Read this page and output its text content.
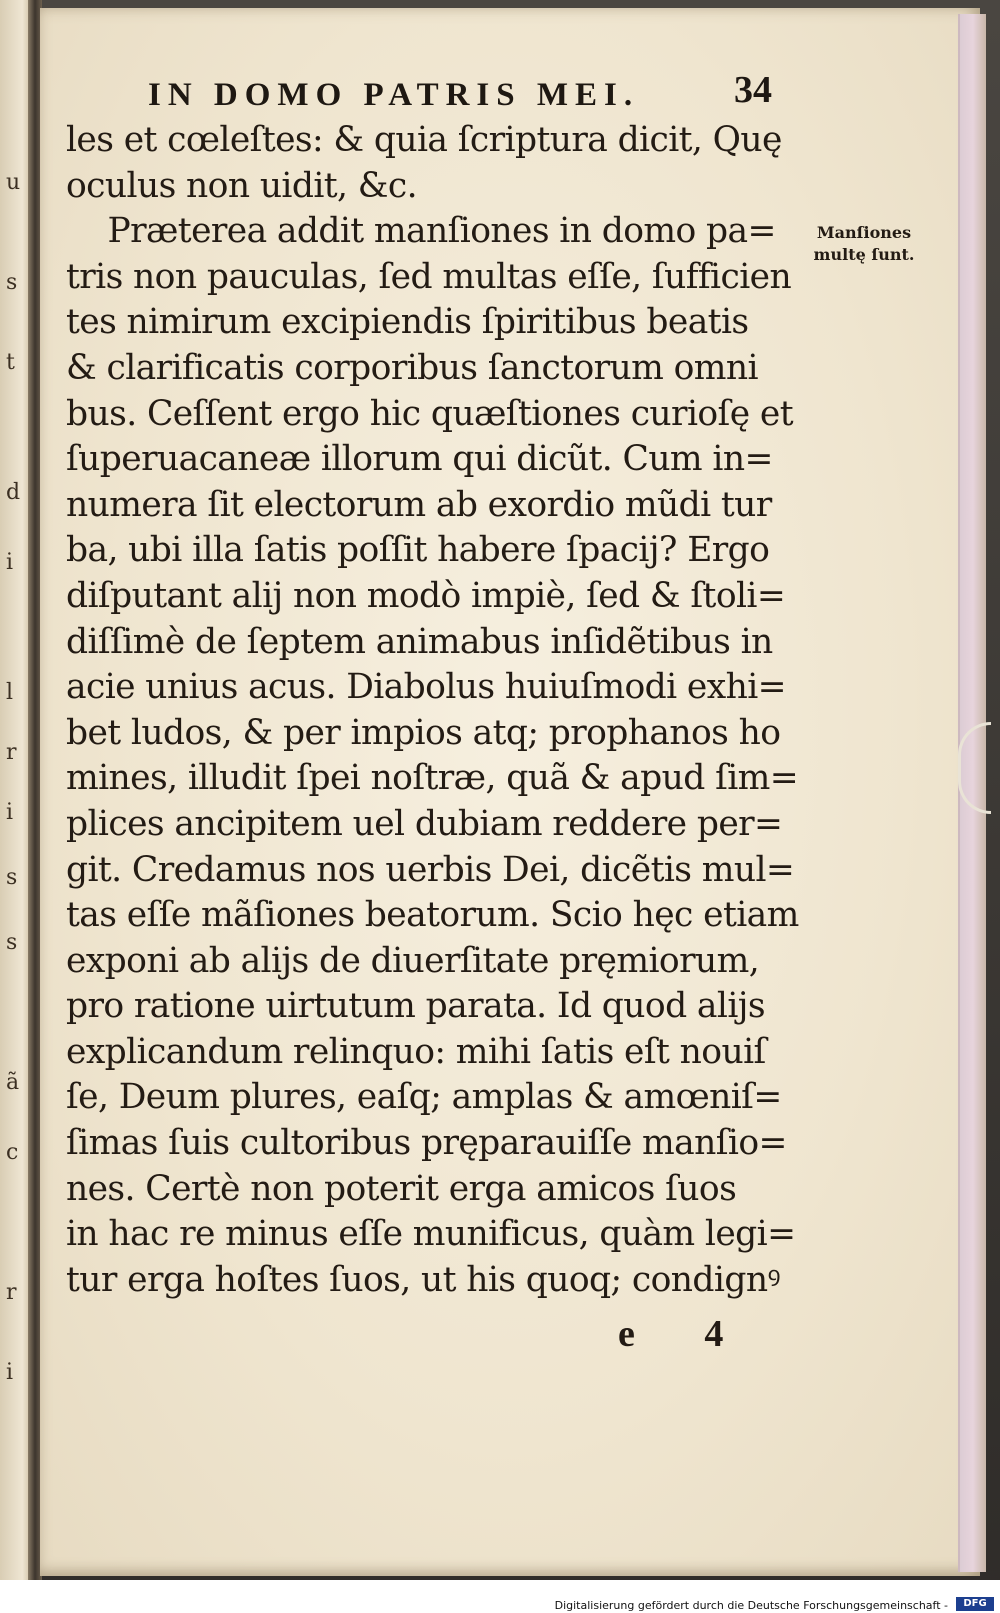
u
s
t
d
i
l
r
i
s
s
ã
c
r
i
IN DOMO PATRIS MEI. 34
Manſiones
multę ſunt.
les et cœleſtes: & quia ſcriptura dicit, Quę
oculus non uidit, &c.
Præterea addit manſiones in domo pa=
tris non pauculas, ſed multas eſſe, ſufficien
tes nimirum excipiendis ſpiritibus beatis
& clarificatis corporibus ſanctorum omni
bus. Ceſſent ergo hic quæſtiones curioſę et
ſuperuacaneæ illorum qui dicũt. Cum in=
numera ſit electorum ab exordio mũdi tur
ba, ubi illa ſatis poſſit habere ſpacij? Ergo
diſputant alij non modò impiè, ſed & ſtoli=
diſſimè de ſeptem animabus inſidẽtibus in
acie unius acus. Diabolus huiuſmodi exhi=
bet ludos, & per impios atq; prophanos ho
mines, illudit ſpei noſtræ, quã & apud ſim=
plices ancipitem uel dubiam reddere per=
git. Credamus nos uerbis Dei, dicẽtis mul=
tas eſſe mãſiones beatorum. Scio hęc etiam
exponi ab alijs de diuerſitate pręmiorum,
pro ratione uirtutum parata. Id quod alijs
explicandum relinquo: mihi ſatis eſt nouiſ
ſe, Deum plures, eaſq; amplas & amœniſ=
ſimas ſuis cultoribus pręparauiſſe manſio=
nes. Certè non poterit erga amicos ſuos
in hac re minus eſſe munificus, quàm legi=
tur erga hoſtes ſuos, ut his quoq; condignꝰ
e 4
Digitalisierung gefördert durch die Deutsche Forschungsgemeinschaft -	DFG
